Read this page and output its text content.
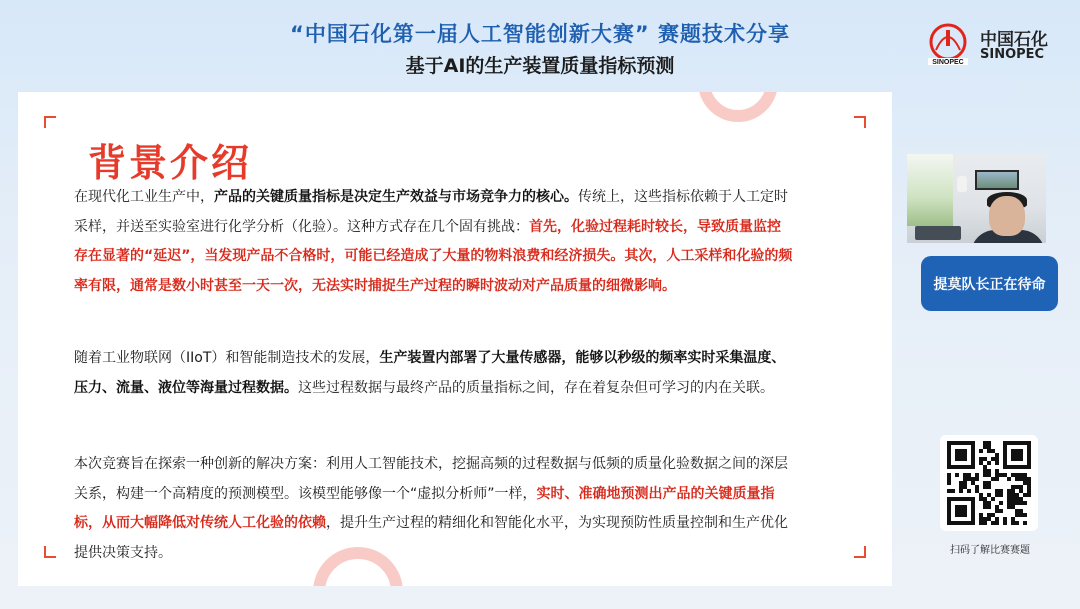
“中国石化第一届人工智能创新大赛” 赛题技术分享
基于AI的生产装置质量指标预测	SINOPEC
中国石化
SINOPEC
背景介绍
在现代化工业生产中，产品的关键质量指标是决定生产效益与市场竞争力的核心。传统上，这些指标依赖于人工定时采样，并送至实验室进行化学分析（化验）。这种方式存在几个固有挑战：首先，化验过程耗时较长，导致质量监控存在显著的“延迟”，当发现产品不合格时，可能已经造成了大量的物料浪费和经济损失。其次，人工采样和化验的频率有限，通常是数小时甚至一天一次，无法实时捕捉生产过程的瞬时波动对产品质量的细微影响。
随着工业物联网（IIoT）和智能制造技术的发展，生产装置内部署了大量传感器，能够以秒级的频率实时采集温度、压力、流量、液位等海量过程数据。这些过程数据与最终产品的质量指标之间，存在着复杂但可学习的内在关联。
本次竞赛旨在探索一种创新的解决方案：利用人工智能技术，挖掘高频的过程数据与低频的质量化验数据之间的深层关系，构建一个高精度的预测模型。该模型能够像一个“虚拟分析师”一样，实时、准确地预测出产品的关键质量指标，从而大幅降低对传统人工化验的依赖，提升生产过程的精细化和智能化水平，为实现预防性质量控制和生产优化提供决策支持。
提莫队长正在待命
扫码了解比赛赛题
